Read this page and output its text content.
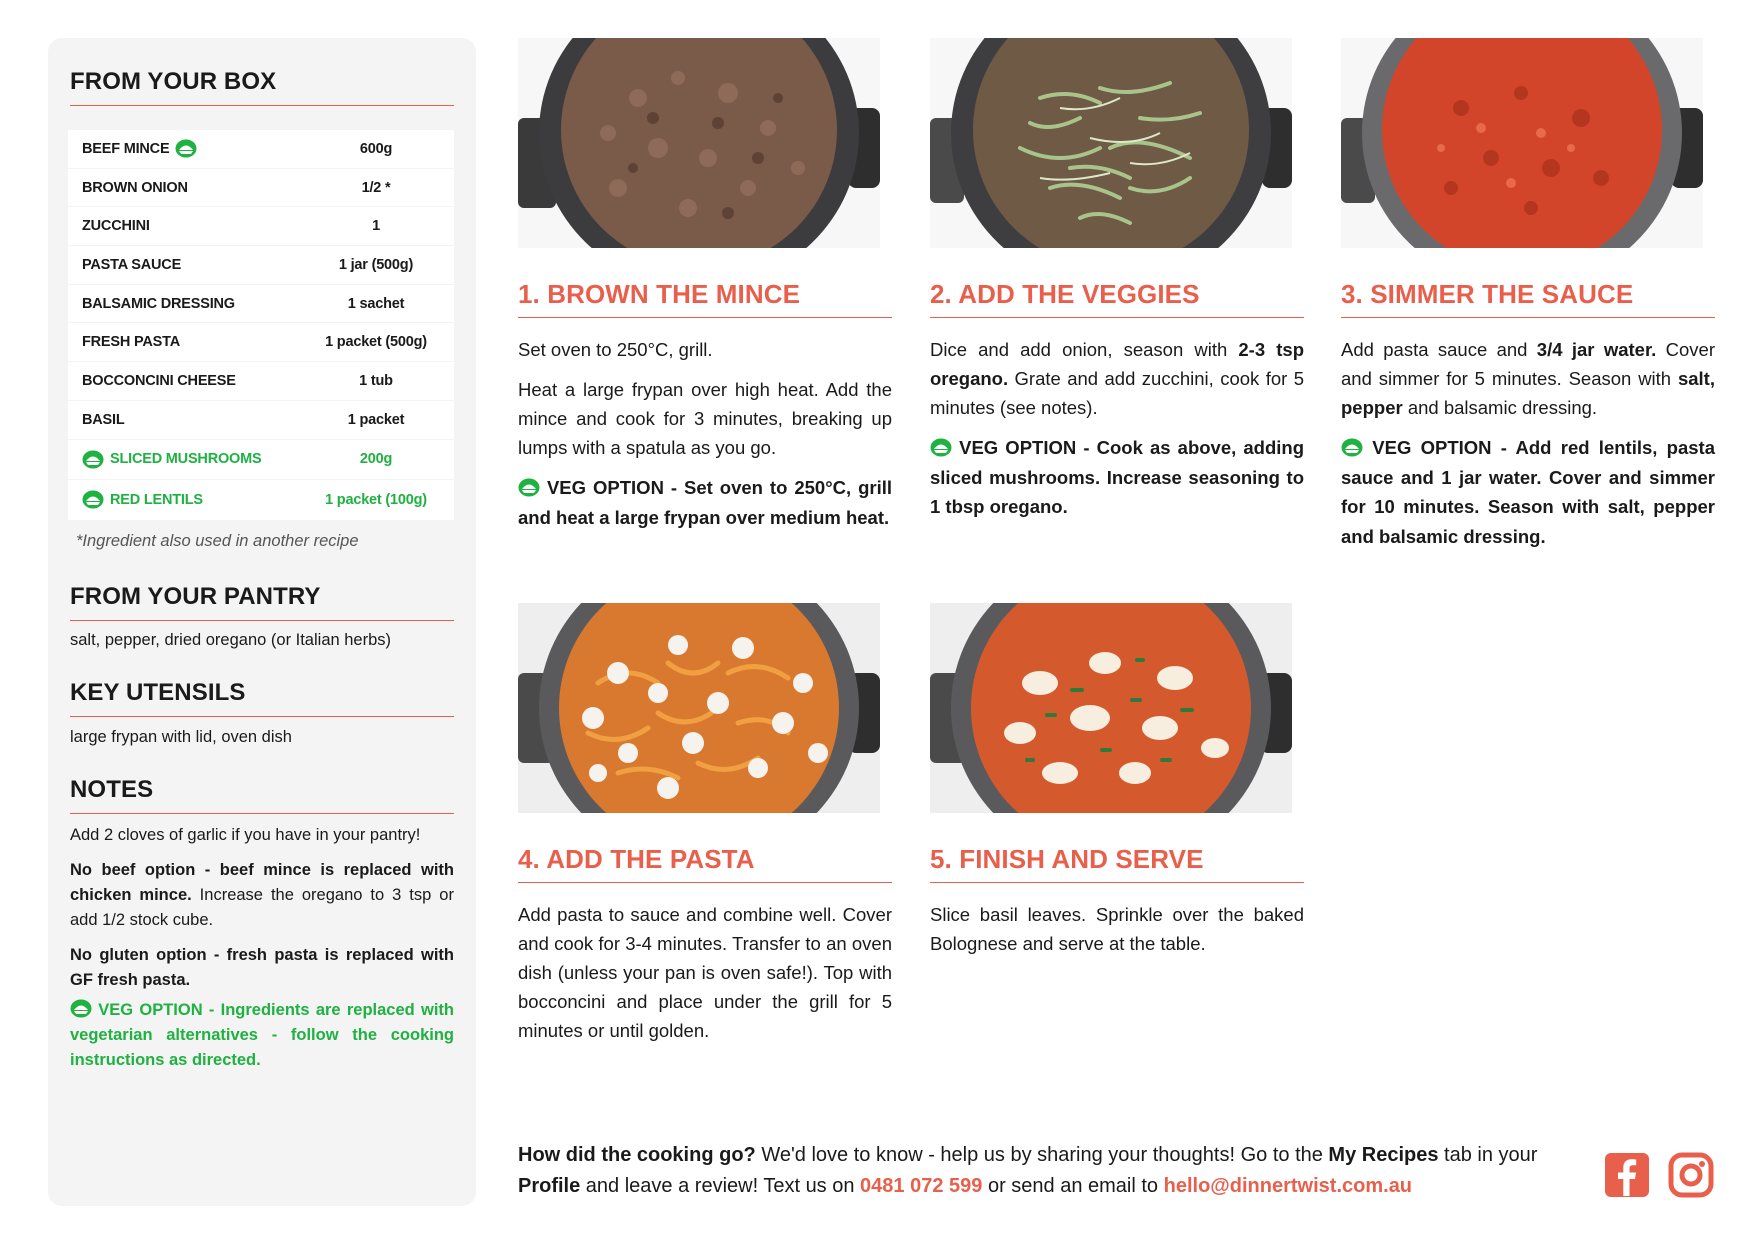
FROM YOUR BOX
BEEF MINCE	600g
BROWN ONION	1/2 *
ZUCCHINI	1
PASTA SAUCE	1 jar (500g)
BALSAMIC DRESSING	1 sachet
FRESH PASTA	1 packet (500g)
BOCCONCINI CHEESE	1 tub
BASIL	1 packet
SLICED MUSHROOMS	200g
RED LENTILS	1 packet (100g)
*Ingredient also used in another recipe
FROM YOUR PANTRY
salt, pepper, dried oregano (or Italian herbs)
KEY UTENSILS
large frypan with lid, oven dish
NOTES
Add 2 cloves of garlic if you have in your pantry!
No beef option - beef mince is replaced with chicken mince. Increase the oregano to 3 tsp or add 1/2 stock cube.
No gluten option - fresh pasta is replaced with GF fresh pasta.
VEG OPTION - Ingredients are replaced with vegetarian alternatives - follow the cooking instructions as directed.
1. BROWN THE MINCE
Set oven to 250°C, grill.
Heat a large frypan over high heat. Add the mince and cook for 3 minutes, breaking up lumps with a spatula as you go.
VEG OPTION - Set oven to 250°C, grill and heat a large frypan over medium heat.
2. ADD THE VEGGIES
Dice and add onion, season with 2-3 tsp oregano. Grate and add zucchini, cook for 5 minutes (see notes).
VEG OPTION - Cook as above, adding sliced mushrooms. Increase seasoning to 1 tbsp oregano.
3. SIMMER THE SAUCE
Add pasta sauce and 3/4 jar water. Cover and simmer for 5 minutes. Season with salt, pepper and balsamic dressing.
VEG OPTION - Add red lentils, pasta sauce and 1 jar water. Cover and simmer for 10 minutes. Season with salt, pepper and balsamic dressing.
4. ADD THE PASTA
Add pasta to sauce and combine well. Cover and cook for 3-4 minutes. Transfer to an oven dish (unless your pan is oven safe!). Top with bocconcini and place under the grill for 5 minutes or until golden.
5. FINISH AND SERVE
Slice basil leaves. Sprinkle over the baked Bolognese and serve at the table.
How did the cooking go? We'd love to know - help us by sharing your thoughts! Go to the My Recipes tab in your Profile and leave a review! Text us on 0481 072 599 or send an email to hello@dinnertwist.com.au
